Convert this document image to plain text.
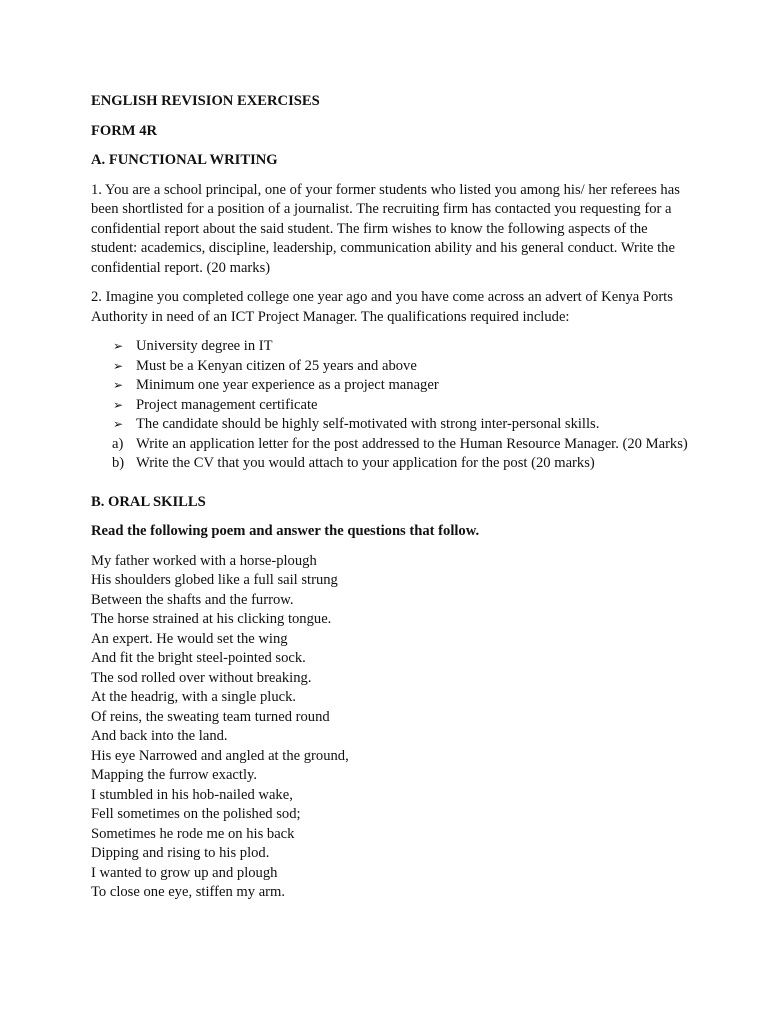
ENGLISH REVISION EXERCISES

FORM 4R

A. FUNCTIONAL WRITING

1. You are a school principal, one of your former students who listed you among his/ her referees has been shortlisted for a position of a journalist. The recruiting firm has contacted you requesting for a confidential report about the said student. The firm wishes to know the following aspects of the student: academics, discipline, leadership, communication ability and his general conduct. Write the confidential report. (20 marks)

2. Imagine you completed college one year ago and you have come across an advert of Kenya Ports Authority in need of an ICT Project Manager. The qualifications required include:

➢ University degree in IT
➢ Must be a Kenyan citizen of 25 years and above
➢ Minimum one year experience as a project manager
➢ Project management certificate
➢ The candidate should be highly self-motivated with strong inter-personal skills.
a) Write an application letter for the post addressed to the Human Resource Manager. (20 Marks)
b) Write the CV that you would attach to your application for the post (20 marks)

B. ORAL SKILLS

Read the following poem and answer the questions that follow.

My father worked with a horse-plough
His shoulders globed like a full sail strung
Between the shafts and the furrow.
The horse strained at his clicking tongue.
An expert. He would set the wing
And fit the bright steel-pointed sock.
The sod rolled over without breaking.
At the headrig, with a single pluck.
Of reins, the sweating team turned round
And back into the land.
His eye Narrowed and angled at the ground,
Mapping the furrow exactly.
I stumbled in his hob-nailed wake,
Fell sometimes on the polished sod;
Sometimes he rode me on his back
Dipping and rising to his plod.
I wanted to grow up and plough
To close one eye, stiffen my arm.
